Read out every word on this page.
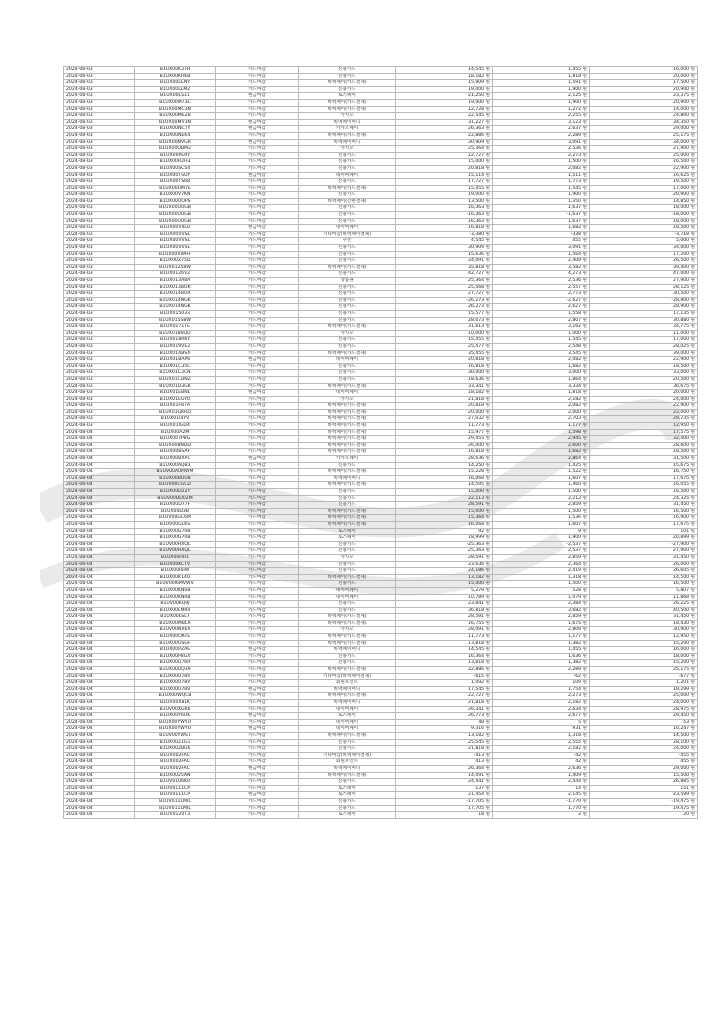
2024-08-03	B1UX00K3TH	카드마감	신용카드	14,545 원	1,455 원	16,000 원
2024-08-03	B1UX00KRKB	카드마감	신용카드	18,182 원	1,818 원	20,000 원
2024-08-03	B1UX00LENY	카드마감	바맥페이(카드결제)	15,909 원	1,591 원	17,500 원
2024-08-03	B1UX00LLM2	카드마감	신용카드	19,000 원	1,900 원	20,900 원
2024-08-03	B1UX00LS11	현금마감	토스페이	21,250 원	2,125 원	23,375 원
2024-08-03	B1UX00M73C	카드마감	바맥페이(카드결제)	19,000 원	1,900 원	20,900 원
2024-08-03	B1UX00MC3N	카드마감	바맥페이(카드결제)	12,728 원	1,272 원	14,000 원
2024-08-03	B1UX00MEZ8	카드마감	카카오	22,545 원	2,255 원	24,800 원
2024-08-03	B1UX00MV3N	현금마감	바맥페이머니	31,227 원	3,123 원	34,350 원
2024-08-03	B1UX00NCTY	현금마감	카카오페이	26,363 원	2,637 원	29,000 원
2024-08-03	B1UX00NEK4	카드마감	바맥페이(카드결제)	22,886 원	2,289 원	25,175 원
2024-08-03	B1UX00NVGR	현금마감	바맥페이머니	30,909 원	3,091 원	34,000 원
2024-08-03	B1UX00OBM2	카드마감	카카오	25,364 원	2,536 원	27,900 원
2024-08-03	B1UX00PERY	카드마감	신용카드	22,727 원	2,273 원	25,000 원
2024-08-03	B1UX00R2H3	카드마감	신용카드	15,000 원	1,500 원	16,500 원
2024-08-03	B1UX00SC54	카드마감	신용카드	20,818 원	2,082 원	22,900 원
2024-08-03	B1UX00TSOY	현금마감	네이버페이	15,114 원	1,511 원	16,625 원
2024-08-03	B1UX00TS68	카드마감	신용카드	17,727 원	1,773 원	19,500 원
2024-08-03	B1UX00UM7E	카드마감	바맥페이(카드결제)	15,455 원	1,545 원	17,000 원
2024-08-03	B1UX00V7KN	카드마감	신용카드	19,000 원	1,900 원	20,900 원
2024-08-03	B1UX00UOPS	카드마감	바맥페이(간편결제)	13,500 원	1,350 원	14,850 원
2024-08-03	B1UX00UUGB	카드마감	신용카드	16,363 원	1,637 원	18,000 원
2024-08-03	B1UX00UUGB	카드마감	신용카드	-16,363 원	-1,637 원	-18,000 원
2024-08-03	B1UX00UUGB	카드마감	신용카드	16,363 원	1,637 원	18,000 원
2024-08-03	B1UX00V4LU	현금마감	네이버페이	16,818 원	1,682 원	18,500 원
2024-08-03	B1UX00VVSL	카드마감	기타마감(바맥페이결제)	-3,380 원	-338 원	-3,718 원
2024-08-03	B1UX00VVSL	카드마감	쿠폰	4,545 원	455 원	5,000 원
2024-08-03	B1UX00VVSL	카드마감	신용카드	30,909 원	3,091 원	34,000 원
2024-08-03	B1UX00XWHF	카드마감	신용카드	15,636 원	1,564 원	17,200 원
2024-08-03	B1UX00Z75D	카드마감	신용카드	24,091 원	2,409 원	26,500 원
2024-08-03	B1UX0125BW	카드마감	바맥페이(카드결제)	35,818 원	3,582 원	39,400 원
2024-08-03	B1UX0126V2	카드마감	신용카드	42,727 원	4,273 원	47,000 원
2024-08-03	B1UX013A8A	카드마감	상품권	25,364 원	2,536 원	27,900 원
2024-08-03	B1UX013BOK	카드마감	신용카드	25,568 원	2,557 원	28,125 원
2024-08-03	B1UX014BUR	카드마감	신용카드	27,727 원	2,773 원	30,500 원
2024-08-03	B1UX014NGK	카드마감	신용카드	-26,273 원	-2,627 원	-28,900 원
2024-08-03	B1UX014NGK	카드마감	신용카드	26,273 원	2,627 원	28,900 원
2024-08-03	B1UX015033	카드마감	신용카드	15,577 원	1,558 원	17,135 원
2024-08-03	B1UX015S8W	카드마감	신용카드	28,073 원	2,807 원	30,880 원
2024-08-03	B1UX0171TE	카드마감	바맥페이(카드결제)	31,613 원	3,162 원	34,775 원
2024-08-03	B1UX0180QD	카드마감	카카오	10,000 원	1,000 원	11,000 원
2024-08-03	B1UX018RKY	카드마감	신용카드	15,455 원	1,545 원	17,000 원
2024-08-03	B1UX019VE2	카드마감	신용카드	25,477 원	2,548 원	28,025 원
2024-08-03	B1UX01ABSX	카드마감	바맥페이(카드결제)	35,455 원	3,545 원	39,000 원
2024-08-03	B1UX01BAP6	현금마감	네이버페이	20,818 원	2,082 원	22,900 원
2024-08-03	B1UX01C35C	카드마감	신용카드	16,818 원	1,682 원	18,500 원
2024-08-03	B1UX01C3CN	카드마감	신용카드	30,000 원	3,000 원	33,000 원
2024-08-03	B1UX01CDNZ	카드마감	신용카드	18,636 원	1,864 원	20,500 원
2024-08-03	B1UX01D3GK	카드마감	바맥페이(카드결제)	33,341 원	3,334 원	36,675 원
2024-08-03	B1UX01EBNL	현금마감	네이버페이	18,182 원	1,818 원	20,000 원
2024-08-03	B1UX01EGYO	카드마감	카카오	21,818 원	2,182 원	24,000 원
2024-08-03	B1UX01F87A	카드마감	바맥페이(카드결제)	20,818 원	2,082 원	22,900 원
2024-08-03	B1UX01GKRD	카드마감	바맥페이(카드결제)	20,000 원	2,000 원	22,000 원
2024-08-03	B1UX01I4YV	카드마감	바맥페이(카드결제)	27,032 원	2,703 원	29,735 원
2024-08-03	B1UX01IGD4	카드마감	바맥페이(카드결제)	11,773 원	1,177 원	12,950 원
2024-08-04	B1UX00A2M	카드마감	바맥페이(카드결제)	15,977 원	1,598 원	17,575 원
2024-08-04	B1UX007P8G	카드마감	바맥페이(카드결제)	29,455 원	2,945 원	32,400 원
2024-08-04	B1UX008NDD	카드마감	바맥페이(카드결제)	26,000 원	2,600 원	28,600 원
2024-08-04	B1UX00BSAF	카드마감	바맥페이(카드결제)	16,818 원	1,682 원	18,500 원
2024-08-04	B1UX00BXP1	현금마감	카카오페이	28,636 원	2,864 원	31,500 원
2024-08-04	B1UX00AQB3	카드마감	신용카드	14,250 원	1,425 원	15,675 원
2024-08-04	B1UV00A0MWM	카드마감	바맥페이(카드결제)	15,228 원	1,522 원	16,750 원
2024-08-04	B1UX00BOU8	카드마감	바맥페이머니	16,068 원	1,607 원	17,675 원
2024-08-04	B1UV00CGCD	카드마감	바맥페이(카드결제)	14,595 원	1,460 원	16,055 원
2024-08-04	B1UX00D22Y	카드마감	신용카드	15,000 원	1,500 원	16,500 원
2024-08-04	B1UV00DD02M	카드마감	신용카드	22,113 원	2,212 원	24,325 원
2024-08-04	B1UX00D77F	카드마감	신용카드	28,591 원	2,859 원	31,450 원
2024-08-04	B1UX00D3B	카드마감	바맥페이(카드결제)	15,000 원	1,500 원	16,500 원
2024-08-04	B1UV00GC6M	카드마감	바맥페이(카드결제)	15,364 원	1,536 원	16,900 원
2024-08-04	B1UV00GLKS	카드마감	바맥페이(카드결제)	16,068 원	1,607 원	17,675 원
2024-08-04	B1UX00G70B	카드마감	토스페이	92 원	9 원	101 원
2024-08-04	B1UX00G70B	카드마감	토스페이	18,999 원	1,900 원	20,899 원
2024-08-04	B1UV00HXQL	카드마감	신용카드	-25,363 원	-2,537 원	-27,900 원
2024-08-04	B1UV00HXQL	카드마감	신용카드	25,363 원	2,537 원	27,900 원
2024-08-04	B1UX00HH1	카드마감	카카오	28,591 원	2,859 원	31,450 원
2024-08-04	B1UX00KCTV	카드마감	신용카드	23,636 원	2,364 원	26,000 원
2024-08-04	B1UX00I6IW	카드마감	신용카드	24,186 원	2,419 원	26,605 원
2024-08-04	B1UX00K14U	카드마감	바맥페이(카드결제)	13,182 원	1,318 원	14,500 원
2024-08-04	B1UV00I6MVWV	카드마감	신용카드	15,000 원	1,500 원	16,500 원
2024-08-04	B1UX00KN0B	카드마감	네이버페이	5,279 원	528 원	5,807 원
2024-08-04	B1UX00KN0B	카드마감	네이버페이	10,789 원	1,079 원	11,868 원
2024-08-04	B1UV00KQ9J	카드마감	신용카드	23,841 원	2,384 원	26,225 원
2024-08-04	B1UX00LM94	카드마감	신용카드	36,818 원	3,682 원	40,500 원
2024-08-04	B1UX00LSL7	카드마감	바맥페이(카드결제)	28,591 원	2,859 원	31,450 원
2024-08-04	B1UX00MBLR	카드마감	바맥페이(카드결제)	16,755 원	1,675 원	18,430 원
2024-08-04	B1UV00NX6X	카드마감	카카오	28,091 원	2,809 원	30,900 원
2024-08-04	B1UX00OKTE	카드마감	바맥페이(카드결제)	11,773 원	1,177 원	12,950 원
2024-08-04	B1UX00OSGF	카드마감	바맥페이(카드결제)	13,818 원	1,382 원	15,200 원
2024-08-04	B1UX00PZAE	현금마감	바맥페이머니	14,545 원	1,455 원	16,000 원
2024-08-04	B1UX00P8GX	카드마감	신용카드	16,364 원	1,636 원	18,000 원
2024-08-04	B1UX00U76R	카드마감	신용카드	13,818 원	1,382 원	15,200 원
2024-08-04	B1UX00UQ39	카드마감	바맥페이(카드결제)	22,886 원	2,289 원	25,175 원
2024-08-04	B1UX00U7BV	카드마감	기타마감(바맥페이결제)	-615 원	-62 원	-677 원
2024-08-04	B1UX00U7BV	카드마감	회원포인트	1,092 원	109 원	1,201 원
2024-08-04	B1UX00U7BV	현금마감	바맥페이머니	17,545 원	1,754 원	19,299 원
2024-08-04	B1UX00WQC8	카드마감	바맥페이(카드결제)	22,727 원	2,273 원	25,000 원
2024-08-04	B1UV00X8LK	카드마감	바맥페이머니	21,818 원	2,182 원	24,000 원
2024-08-04	B1UV00XGK6	카드마감	네이버페이	26,341 원	2,634 원	28,975 원
2024-08-04	B1UX00Y6UK	현금마감	토스페이	26,773 원	2,677 원	29,450 원
2024-08-04	B1UX00YWYU	카드마감	네이버페이	48 원	5 원	53 원
2024-08-04	B1UX00YWYU	현금마감	네이버페이	9,316 원	931 원	10,247 원
2024-08-04	B1UV00YWST	카드마감	바맥페이(카드결제)	13,182 원	1,318 원	14,500 원
2024-08-04	B1UX0021G1	카드마감	신용카드	25,545 원	2,555 원	28,100 원
2024-08-04	B1UX002BU6	카드마감	신용카드	21,818 원	2,182 원	24,000 원
2024-08-04	B1UX002FAC	카드마감	기타마감(바맥페이결제)	-413 원	-42 원	-455 원
2024-08-04	B1UX002FAC	카드마감	회원포인트	413 원	42 원	455 원
2024-08-04	B1UX002FAC	현금마감	바맥페이머니	26,364 원	2,636 원	29,000 원
2024-08-04	B1UX0025AN	카드마감	바맥페이(카드결제)	14,091 원	1,409 원	15,500 원
2024-08-04	B1UV0106KR	카드마감	신용카드	24,441 원	2,444 원	26,885 원
2024-08-04	B1UV0111CP	카드마감	토스페이	137 원	14 원	151 원
2024-08-04	B1UV0111CP	현금마감	토스페이	21,454 원	2,145 원	23,599 원
2024-08-04	B1UV011LMIL	카드마감	신용카드	-17,705 원	-1,770 원	-19,475 원
2024-08-04	B1UV011LMIL	카드마감	신용카드	17,705 원	1,770 원	19,475 원
2024-08-04	B1UV0120T3	카드마감	토스페이	18 원	2 원	20 원
